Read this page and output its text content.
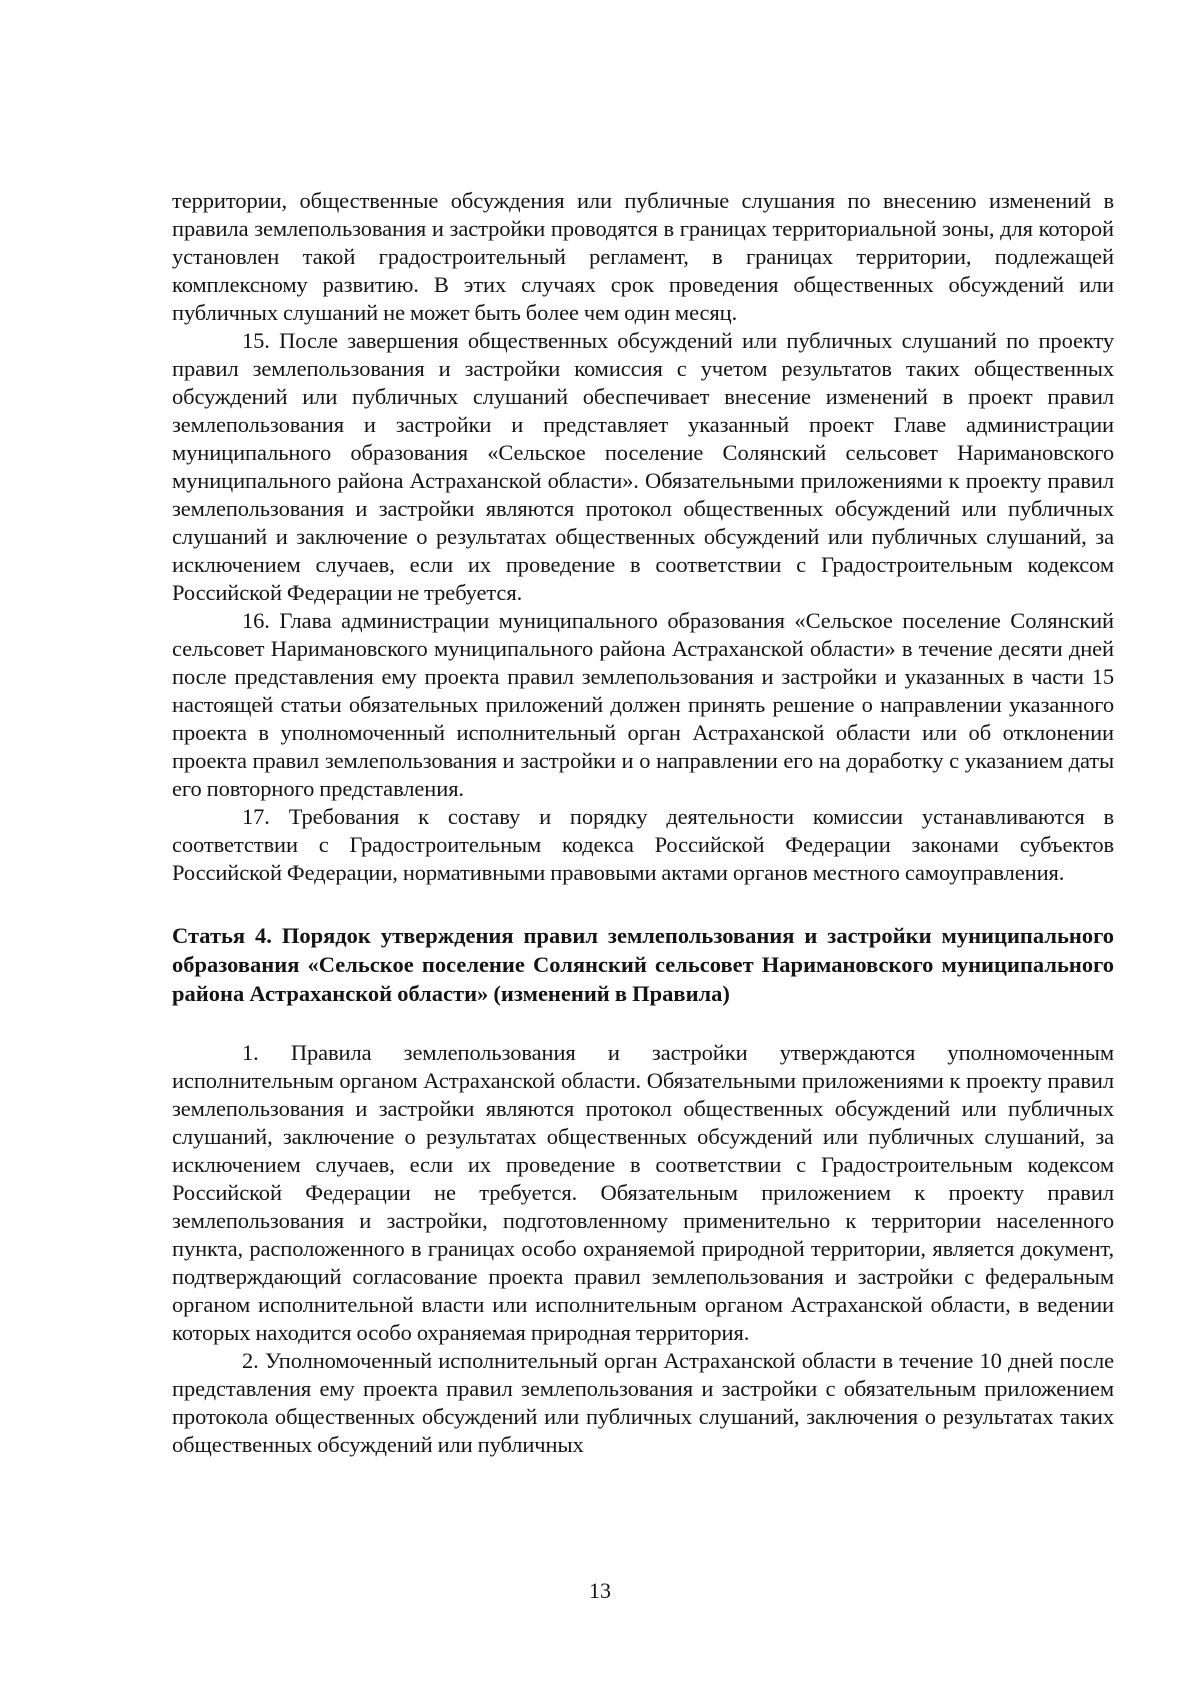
территории, общественные обсуждения или публичные слушания по внесению изменений в правила землепользования и застройки проводятся в границах территориальной зоны, для которой установлен такой градостроительный регламент, в границах территории, подлежащей комплексному развитию. В этих случаях срок проведения общественных обсуждений или публичных слушаний не может быть более чем один месяц.

15. После завершения общественных обсуждений или публичных слушаний по проекту правил землепользования и застройки комиссия с учетом результатов таких общественных обсуждений или публичных слушаний обеспечивает внесение изменений в проект правил землепользования и застройки и представляет указанный проект Главе администрации муниципального образования «Сельское поселение Солянский сельсовет Наримановского муниципального района Астраханской области». Обязательными приложениями к проекту правил землепользования и застройки являются протокол общественных обсуждений или публичных слушаний и заключение о результатах общественных обсуждений или публичных слушаний, за исключением случаев, если их проведение в соответствии с Градостроительным кодексом Российской Федерации не требуется.

16. Глава администрации муниципального образования «Сельское поселение Солянский сельсовет Наримановского муниципального района Астраханской области» в течение десяти дней после представления ему проекта правил землепользования и застройки и указанных в части 15 настоящей статьи обязательных приложений должен принять решение о направлении указанного проекта в уполномоченный исполнительный орган Астраханской области или об отклонении проекта правил землепользования и застройки и о направлении его на доработку с указанием даты его повторного представления.

17. Требования к составу и порядку деятельности комиссии устанавливаются в соответствии с Градостроительным кодекса Российской Федерации законами субъектов Российской Федерации, нормативными правовыми актами органов местного самоуправления.

Статья 4. Порядок утверждения правил землепользования и застройки муниципального образования «Сельское поселение Солянский сельсовет Наримановского муниципального района Астраханской области» (изменений в Правила)

1. Правила землепользования и застройки утверждаются уполномоченным исполнительным органом Астраханской области. Обязательными приложениями к проекту правил землепользования и застройки являются протокол общественных обсуждений или публичных слушаний, заключение о результатах общественных обсуждений или публичных слушаний, за исключением случаев, если их проведение в соответствии с Градостроительным кодексом Российской Федерации не требуется. Обязательным приложением к проекту правил землепользования и застройки, подготовленному применительно к территории населенного пункта, расположенного в границах особо охраняемой природной территории, является документ, подтверждающий согласование проекта правил землепользования и застройки с федеральным органом исполнительной власти или исполнительным органом Астраханской области, в ведении которых находится особо охраняемая природная территория.

2. Уполномоченный исполнительный орган Астраханской области в течение 10 дней после представления ему проекта правил землепользования и застройки с обязательным приложением протокола общественных обсуждений или публичных слушаний, заключения о результатах таких общественных обсуждений или публичных

13
